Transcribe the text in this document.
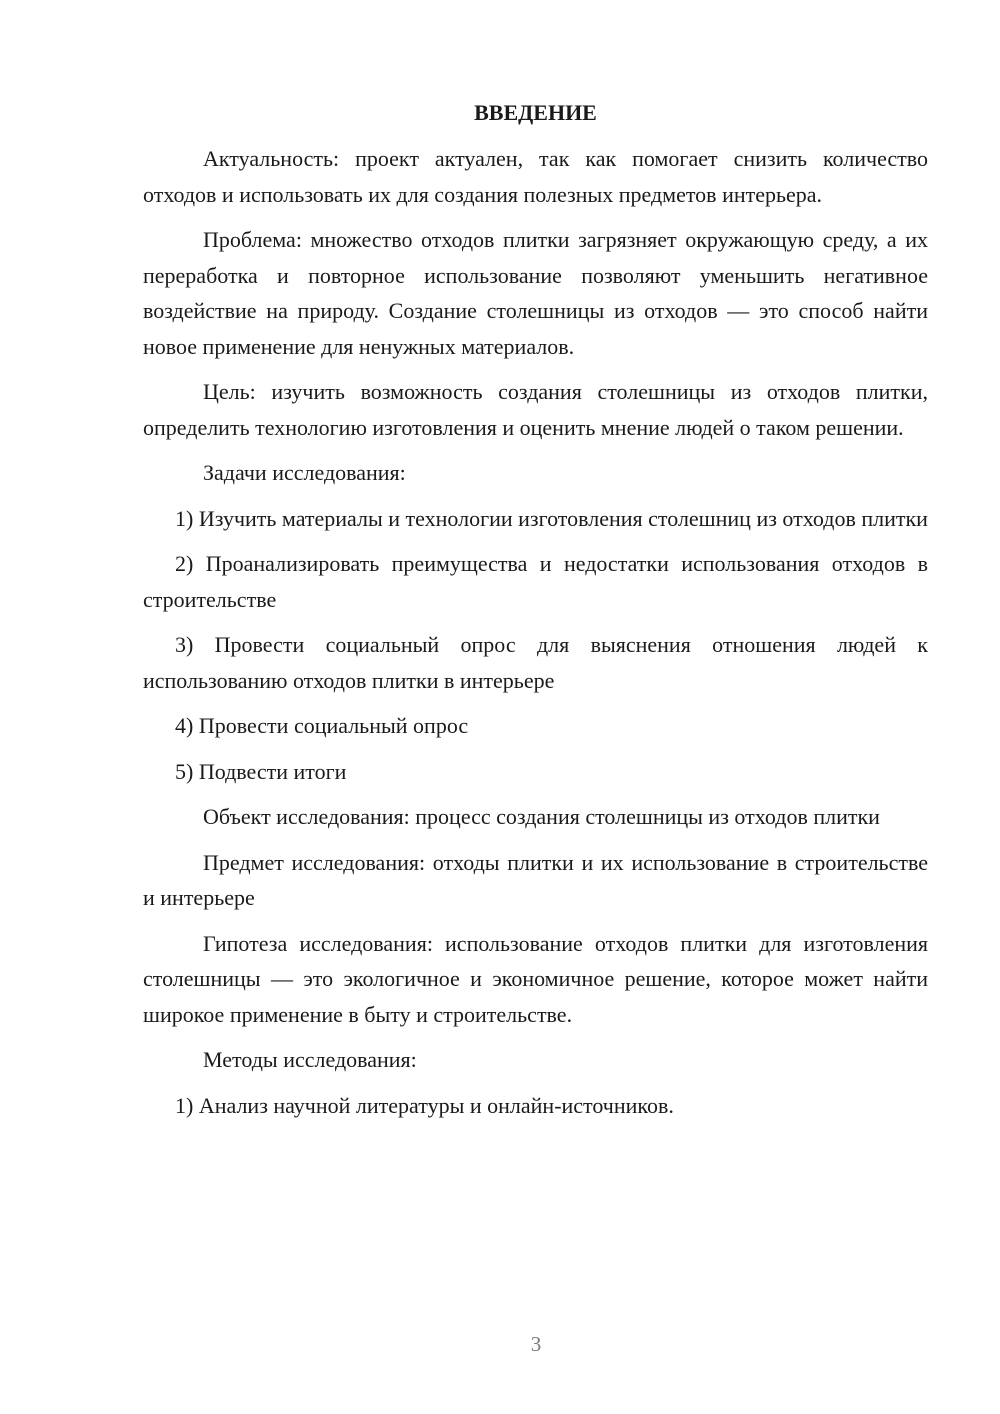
ВВЕДЕНИЕ

Актуальность: проект актуален, так как помогает снизить количество отходов и использовать их для создания полезных предметов интерьера.

Проблема: множество отходов плитки загрязняет окружающую среду, а их переработка и повторное использование позволяют уменьшить негативное воздействие на природу. Создание столешницы из отходов — это способ найти новое применение для ненужных материалов.

Цель: изучить возможность создания столешницы из отходов плитки, определить технологию изготовления и оценить мнение людей о таком решении.

Задачи исследования:

1) Изучить материалы и технологии изготовления столешниц из отходов плитки

2) Проанализировать преимущества и недостатки использования отходов в строительстве

3) Провести социальный опрос для выяснения отношения людей к использованию отходов плитки в интерьере

4) Провести социальный опрос

5) Подвести итоги

Объект исследования: процесс создания столешницы из отходов плитки

Предмет исследования: отходы плитки и их использование в строительстве и интерьере

Гипотеза исследования: использование отходов плитки для изготовления столешницы — это экологичное и экономичное решение, которое может найти широкое применение в быту и строительстве.

Методы исследования:

1) Анализ научной литературы и онлайн-источников.

3
